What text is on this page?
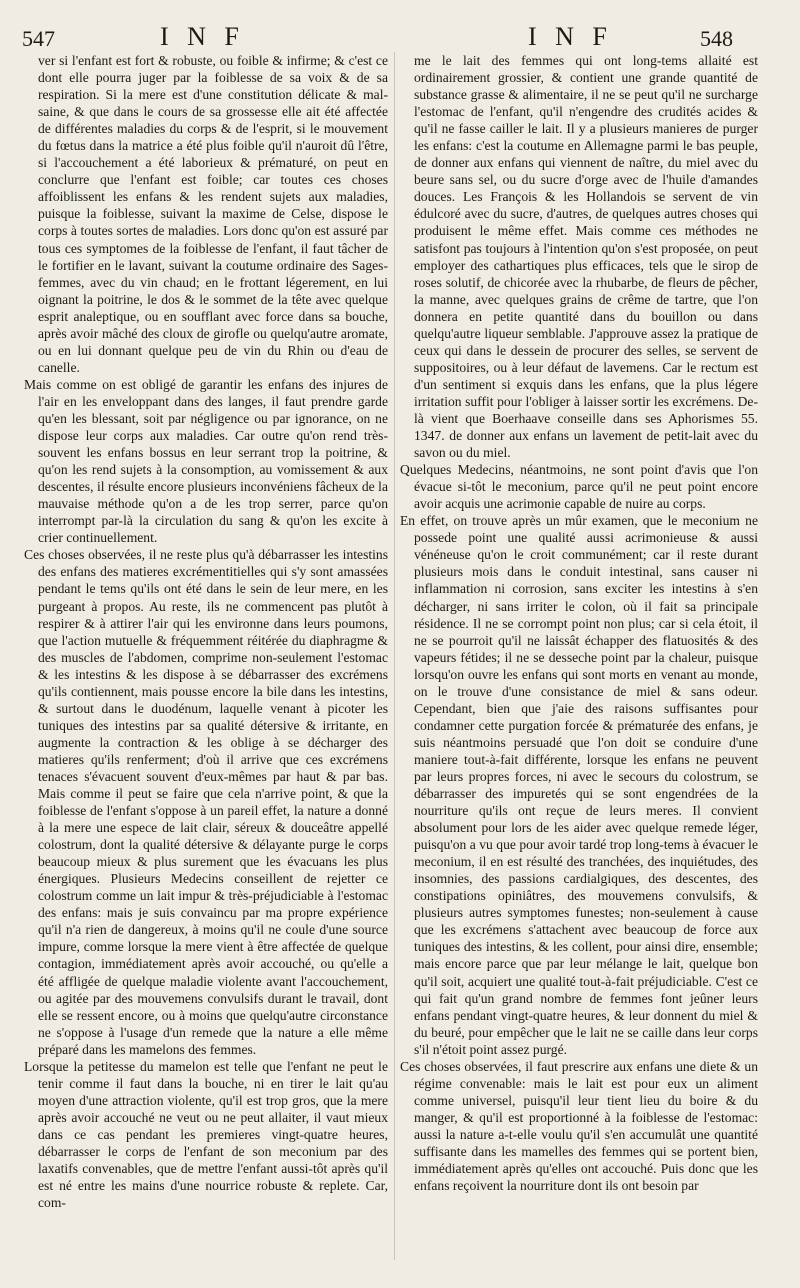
547	I N F	I N F	548

ver si l'enfant est fort & robuste, ou foible & infirme; & c'est ce dont elle pourra juger par la foiblesse de sa voix & de sa respiration. Si la mere est d'une constitution délicate & mal-saine, & que dans le cours de sa grossesse elle ait été affectée de différentes maladies du corps & de l'esprit, si le mouvement du fœtus dans la matrice a été plus foible qu'il n'auroit dû l'être, si l'accouchement a été laborieux & prématuré, on peut en conclurre que l'enfant est foible; car toutes ces choses affoiblissent les enfans & les rendent sujets aux maladies, puisque la foiblesse, suivant la maxime de Celse, dispose le corps à toutes sortes de maladies. Lors donc qu'on est assuré par tous ces symptomes de la foiblesse de l'enfant, il faut tâcher de le fortifier en le lavant, suivant la coutume ordinaire des Sages-femmes, avec du vin chaud; en le frottant légerement, en lui oignant la poitrine, le dos & le sommet de la tête avec quelque esprit analeptique, ou en soufflant avec force dans sa bouche, après avoir mâché des cloux de girofle ou quelqu'autre aromate, ou en lui donnant quelque peu de vin du Rhin ou d'eau de canelle.

Mais comme on est obligé de garantir les enfans des injures de l'air en les enveloppant dans des langes, il faut prendre garde qu'en les blessant, soit par négligence ou par ignorance, on ne dispose leur corps aux maladies. Car outre qu'on rend très-souvent les enfans bossus en leur serrant trop la poitrine, & qu'on les rend sujets à la consomption, au vomissement & aux descentes, il résulte encore plusieurs inconvéniens fâcheux de la mauvaise méthode qu'on a de les trop serrer, parce qu'on interrompt par-là la circulation du sang & qu'on les excite à crier continuellement.

Ces choses observées, il ne reste plus qu'à débarrasser les intestins des enfans des matieres excrémentitielles qui s'y sont amassées pendant le tems qu'ils ont été dans le sein de leur mere, en les purgeant à propos. Au reste, ils ne commencent pas plutôt à respirer & à attirer l'air qui les environne dans leurs poumons, que l'action mutuelle & fréquemment réitérée du diaphragme & des muscles de l'abdomen, comprime non-seulement l'estomac & les intestins & les dispose à se débarrasser des excrémens qu'ils contiennent, mais pousse encore la bile dans les intestins, & surtout dans le duodénum, laquelle venant à picoter les tuniques des intestins par sa qualité détersive & irritante, en augmente la contraction & les oblige à se décharger des matieres qu'ils renferment; d'où il arrive que ces excrémens tenaces s'évacuent souvent d'eux-mêmes par haut & par bas. Mais comme il peut se faire que cela n'arrive point, & que la foiblesse de l'enfant s'oppose à un pareil effet, la nature a donné à la mere une espece de lait clair, séreux & douceâtre appellé colostrum, dont la qualité détersive & délayante purge le corps beaucoup mieux & plus surement que les évacuans les plus énergiques. Plusieurs Medecins conseillent de rejetter ce colostrum comme un lait impur & très-préjudiciable à l'estomac des enfans: mais je suis convaincu par ma propre expérience qu'il n'a rien de dangereux, à moins qu'il ne coule d'une source impure, comme lorsque la mere vient à être affectée de quelque contagion, immédiatement après avoir accouché, ou qu'elle a été affligée de quelque maladie violente avant l'accouchement, ou agitée par des mouvemens convulsifs durant le travail, dont elle se ressent encore, ou à moins que quelqu'autre circonstance ne s'oppose à l'usage d'un remede que la nature a elle même préparé dans les mamelons des femmes.

Lorsque la petitesse du mamelon est telle que l'enfant ne peut le tenir comme il faut dans la bouche, ni en tirer le lait qu'au moyen d'une attraction violente, qu'il est trop gros, que la mere après avoir accouché ne veut ou ne peut allaiter, il vaut mieux dans ce cas pendant les premieres vingt-quatre heures, débarrasser le corps de l'enfant de son meconium par des laxatifs convenables, que de mettre l'enfant aussi-tôt après qu'il est né entre les mains d'une nourrice robuste & replete. Car, com-

me le lait des femmes qui ont long-tems allaité est ordinairement grossier, & contient une grande quantité de substance grasse & alimentaire, il ne se peut qu'il ne surcharge l'estomac de l'enfant, qu'il n'engendre des crudités acides & qu'il ne fasse cailler le lait. Il y a plusieurs manieres de purger les enfans: c'est la coutume en Allemagne parmi le bas peuple, de donner aux enfans qui viennent de naître, du miel avec du beure sans sel, ou du sucre d'orge avec de l'huile d'amandes douces. Les François & les Hollandois se servent de vin édulcoré avec du sucre, d'autres, de quelques autres choses qui produisent le même effet. Mais comme ces méthodes ne satisfont pas toujours à l'intention qu'on s'est proposée, on peut employer des cathartiques plus efficaces, tels que le sirop de roses solutif, de chicorée avec la rhubarbe, de fleurs de pêcher, la manne, avec quelques grains de crême de tartre, que l'on donnera en petite quantité dans du bouillon ou dans quelqu'autre liqueur semblable. J'approuve assez la pratique de ceux qui dans le dessein de procurer des selles, se servent de suppositoires, ou à leur défaut de lavemens. Car le rectum est d'un sentiment si exquis dans les enfans, que la plus légere irritation suffit pour l'obliger à laisser sortir les excrémens. De-là vient que Boerhaave conseille dans ses Aphorismes 55. 1347. de donner aux enfans un lavement de petit-lait avec du savon ou du miel.

Quelques Medecins, néantmoins, ne sont point d'avis que l'on évacue si-tôt le meconium, parce qu'il ne peut point encore avoir acquis une acrimonie capable de nuire au corps.

En effet, on trouve après un mûr examen, que le meconium ne possede point une qualité aussi acrimonieuse & aussi vénéneuse qu'on le croit communément; car il reste durant plusieurs mois dans le conduit intestinal, sans causer ni inflammation ni corrosion, sans exciter les intestins à s'en décharger, ni sans irriter le colon, où il fait sa principale résidence. Il ne se corrompt point non plus; car si cela étoit, il ne se pourroit qu'il ne laissât échapper des flatuosités & des vapeurs fétides; il ne se desseche point par la chaleur, puisque lorsqu'on ouvre les enfans qui sont morts en venant au monde, on le trouve d'une consistance de miel & sans odeur. Cependant, bien que j'aie des raisons suffisantes pour condamner cette purgation forcée & prématurée des enfans, je suis néantmoins persuadé que l'on doit se conduire d'une maniere tout-à-fait différente, lorsque les enfans ne peuvent par leurs propres forces, ni avec le secours du colostrum, se débarrasser des impuretés qui se sont engendrées de la nourriture qu'ils ont reçue de leurs meres. Il convient absolument pour lors de les aider avec quelque remede léger, puisqu'on a vu que pour avoir tardé trop long-tems à évacuer le meconium, il en est résulté des tranchées, des inquiétudes, des insomnies, des passions cardialgiques, des descentes, des constipations opiniâtres, des mouvemens convulsifs, & plusieurs autres symptomes funestes; non-seulement à cause que les excrémens s'attachent avec beaucoup de force aux tuniques des intestins, & les collent, pour ainsi dire, ensemble; mais encore parce que par leur mélange le lait, quelque bon qu'il soit, acquiert une qualité tout-à-fait préjudiciable. C'est ce qui fait qu'un grand nombre de femmes font jeûner leurs enfans pendant vingt-quatre heures, & leur donnent du miel & du beuré, pour empêcher que le lait ne se caille dans leur corps s'il n'étoit point assez purgé.

Ces choses observées, il faut prescrire aux enfans une diete & un régime convenable: mais le lait est pour eux un aliment comme universel, puisqu'il leur tient lieu du boire & du manger, & qu'il est proportionné à la foiblesse de l'estomac: aussi la nature a-t-elle voulu qu'il s'en accumulât une quantité suffisante dans les mamelles des femmes qui se portent bien, immédiatement après qu'elles ont accouché. Puis donc que les enfans reçoivent la nourriture dont ils ont besoin par
